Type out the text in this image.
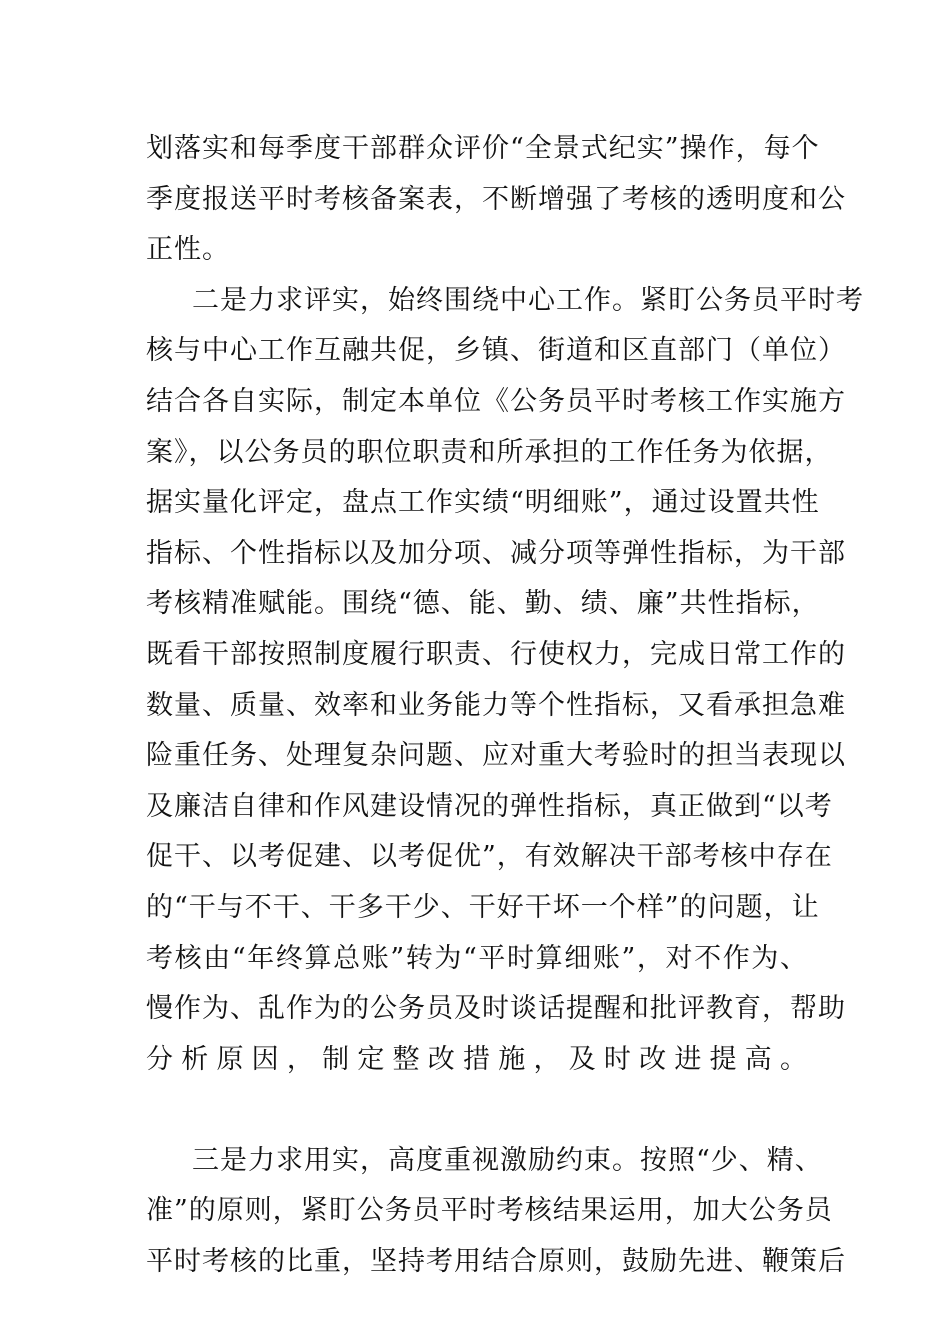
划落实和每季度干部群众评价“全景式纪实”操作，每个
季度报送平时考核备案表，不断增强了考核的透明度和公
正性。
二是力求评实，始终围绕中心工作。紧盯公务员平时考
核与中心工作互融共促，乡镇、街道和区直部门（单位）
结合各自实际，制定本单位《公务员平时考核工作实施方
案》，以公务员的职位职责和所承担的工作任务为依据，
据实量化评定，盘点工作实绩“明细账”，通过设置共性
指标、个性指标以及加分项、减分项等弹性指标，为干部
考核精准赋能。围绕“德、能、勤、绩、廉”共性指标，
既看干部按照制度履行职责、行使权力，完成日常工作的
数量、质量、效率和业务能力等个性指标，又看承担急难
险重任务、处理复杂问题、应对重大考验时的担当表现以
及廉洁自律和作风建设情况的弹性指标，真正做到“以考
促干、以考促建、以考促优”，有效解决干部考核中存在
的“干与不干、干多干少、干好干坏一个样”的问题，让
考核由“年终算总账”转为“平时算细账”，对不作为、
慢作为、乱作为的公务员及时谈话提醒和批评教育，帮助
分析原因，制定整改措施，及时改进提高。
三是力求用实，高度重视激励约束。按照“少、精、
准”的原则，紧盯公务员平时考核结果运用，加大公务员
平时考核的比重，坚持考用结合原则，鼓励先进、鞭策后
